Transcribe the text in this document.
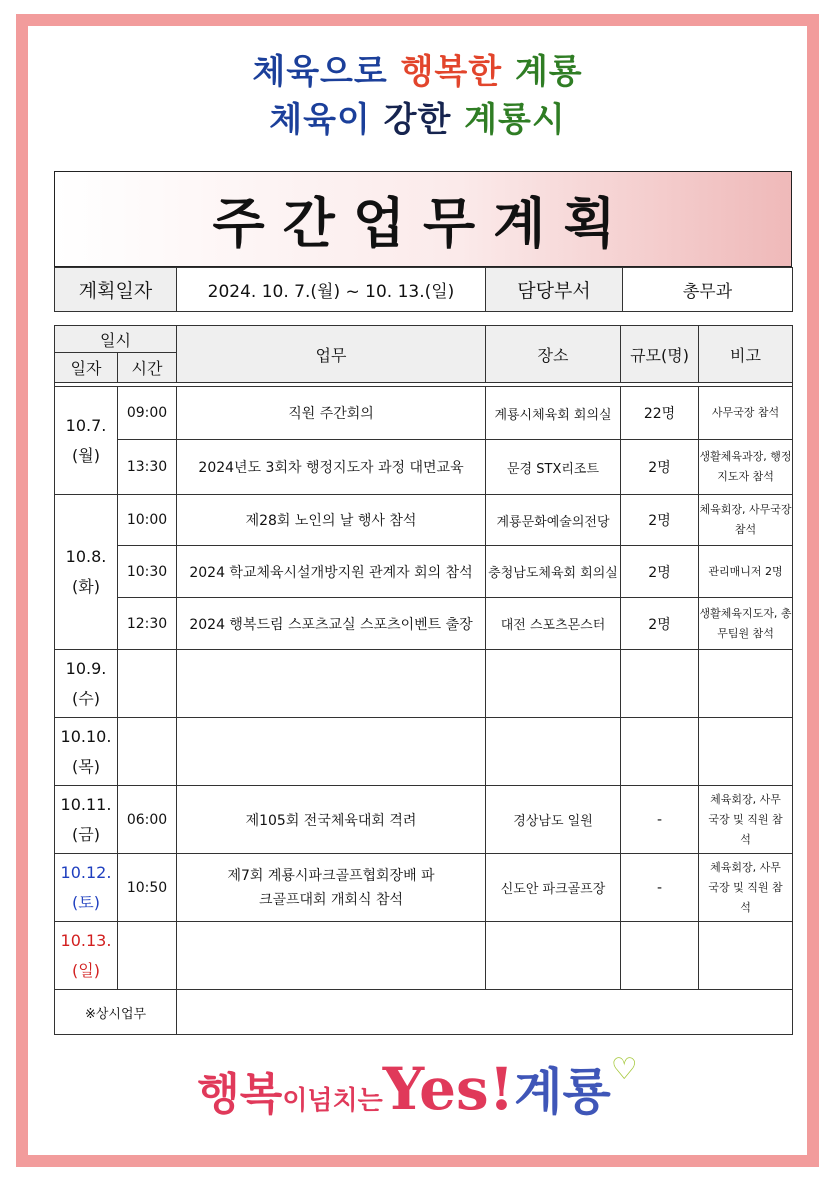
체육으로 행복한 계룡
체육이 강한 계룡시
주간업무계획
계획일자	2024. 10. 7.(월) ~ 10. 13.(일)	담당부서	총무과
일시		업무	장소	규모(명)	비고
일자	시간				

10.7.
(월)	09:00	직원 주간회의	계룡시체육회 회의실	22명	사무국장 참석
	13:30	2024년도 3회차 행정지도자 과정 대면교육	문경 STX리조트	2명	생활체육과장, 행정지도자 참석
10.8.
(화)	10:00	제28회 노인의 날 행사 참석	계룡문화예술의전당	2명	체육회장, 사무국장 참석
	10:30	2024 학교체육시설개방지원 관계자 회의 참석	충청남도체육회 회의실	2명	관리매니저 2명
	12:30	2024 행복드림 스포츠교실 스포츠이벤트 출장	대전 스포츠몬스터	2명	생활체육지도자, 총무팀원 참석
10.9.
(수)					
10.10.
(목)					
10.11.
(금)	06:00	제105회 전국체육대회 격려	경상남도 일원	-	체육회장, 사무국장 및 직원 참석
10.12.
(토)	10:50	제7회 계룡시파크골프협회장배 파크골프대회 개회식 참석	신도안 파크골프장	-	체육회장, 사무국장 및 직원 참석
10.13.
(일)					
※상시업무					
행복이넘치는Yes!계룡♡
